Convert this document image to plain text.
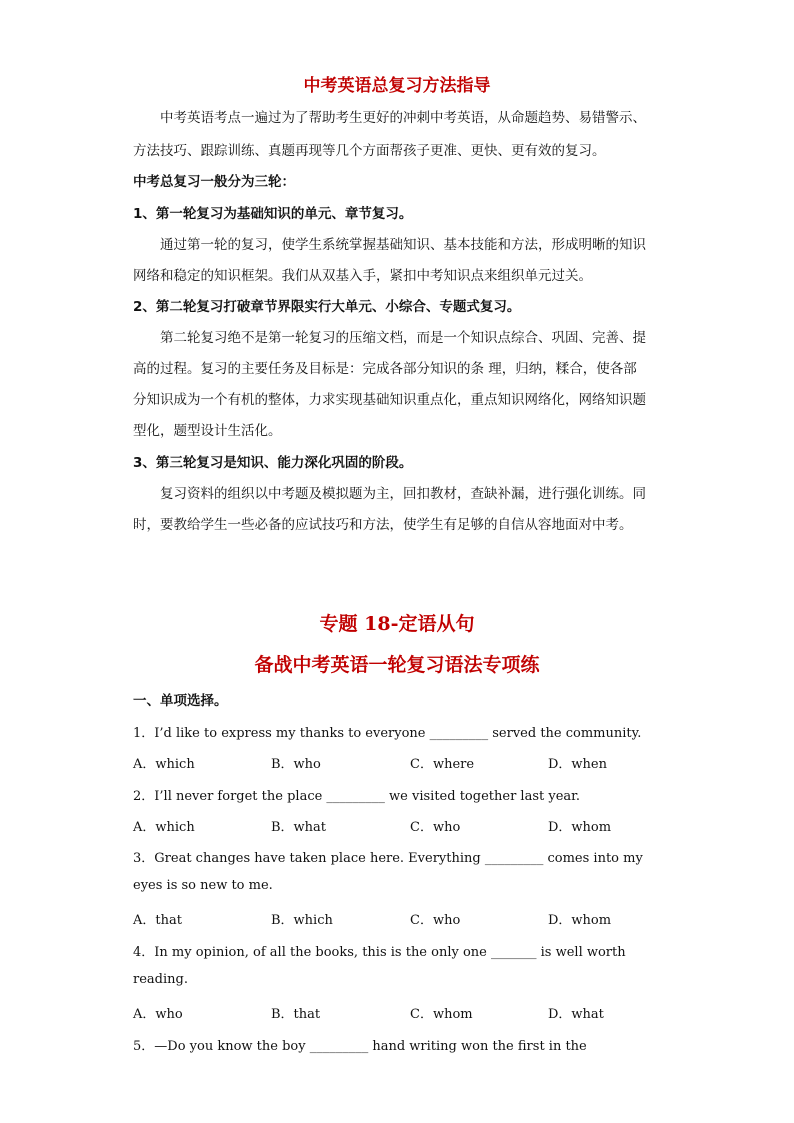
中考英语总复习方法指导
中考英语考点一遍过为了帮助考生更好的冲刺中考英语，从命题趋势、易错警示、
方法技巧、跟踪训练、真题再现等几个方面帮孩子更准、更快、更有效的复习。
中考总复习一般分为三轮：
1、第一轮复习为基础知识的单元、章节复习。
通过第一轮的复习，使学生系统掌握基础知识、基本技能和方法，形成明晰的知识
网络和稳定的知识框架。我们从双基入手，紧扣中考知识点来组织单元过关。
2、第二轮复习打破章节界限实行大单元、小综合、专题式复习。
第二轮复习绝不是第一轮复习的压缩文档，而是一个知识点综合、巩固、完善、提
高的过程。复习的主要任务及目标是：完成各部分知识的条 理，归纳，糅合，使各部
分知识成为一个有机的整体，力求实现基础知识重点化，重点知识网络化，网络知识题
型化，题型设计生活化。
3、第三轮复习是知识、能力深化巩固的阶段。
复习资料的组织以中考题及模拟题为主，回扣教材，查缺补漏，进行强化训练。同
时，要教给学生一些必备的应试技巧和方法，使学生有足够的自信从容地面对中考。
专题 18-定语从句
备战中考英语一轮复习语法专项练
一、单项选择。
1．I’d like to express my thanks to everyone _________ served the community.
A．which	B．who	C．where	D．when
2．I’ll never forget the place _________ we visited together last year.
A．which	B．what	C．who	D．whom
3．Great changes have taken place here. Everything _________ comes into my
eyes is so new to me.
A．that	B．which	C．who	D．whom
4．In my opinion, of all the books, this is the only one _______ is well worth
reading.
A．who	B．that	C．whom	D．what
5．—Do you know the boy _________ hand writing won the first in the
